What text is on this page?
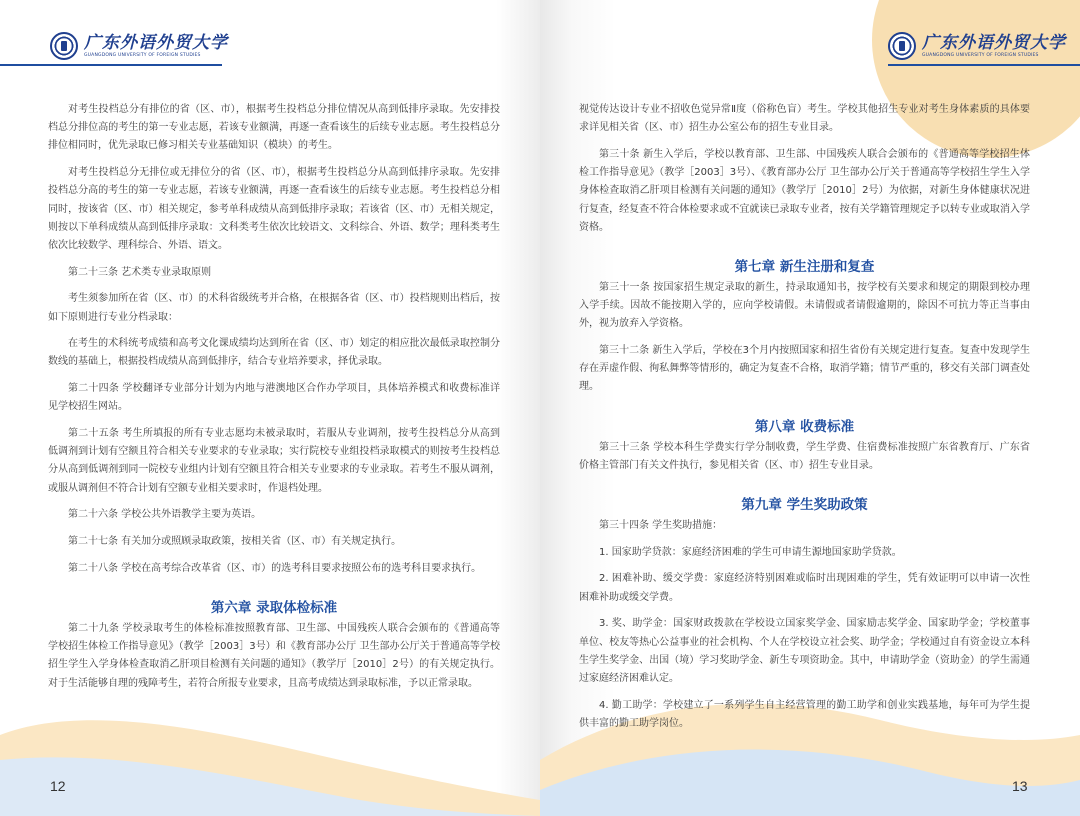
广东外语外贸大学
GUANGDONG UNIVERSITY OF FOREIGN STUDIES
广东外语外贸大学
GUANGDONG UNIVERSITY OF FOREIGN STUDIES

对考生投档总分有排位的省（区、市），根据考生投档总分排位情况从高到低排序录取。先安排投档总分排位高的考生的第一专业志愿，若该专业额满，再逐一查看该生的后续专业志愿。考生投档总分排位相同时，优先录取已修习相关专业基础知识（模块）的考生。

对考生投档总分无排位或无排位分的省（区、市），根据考生投档总分从高到低排序录取。先安排投档总分高的考生的第一专业志愿，若该专业额满，再逐一查看该生的后续专业志愿。考生投档总分相同时，按该省（区、市）相关规定，参考单科成绩从高到低排序录取；若该省（区、市）无相关规定，则按以下单科成绩从高到低排序录取：文科类考生依次比较语文、文科综合、外语、数学；理科类考生依次比较数学、理科综合、外语、语文。

第二十三条 艺术类专业录取原则

考生须参加所在省（区、市）的术科省级统考并合格，在根据各省（区、市）投档规则出档后，按如下原则进行专业分档录取：

在考生的术科统考成绩和高考文化课成绩均达到所在省（区、市）划定的相应批次最低录取控制分数线的基础上，根据投档成绩从高到低排序，结合专业培养要求，择优录取。

第二十四条 学校翻译专业部分计划为内地与港澳地区合作办学项目，具体培养模式和收费标准详见学校招生网站。

第二十五条 考生所填报的所有专业志愿均未被录取时，若服从专业调剂，按考生投档总分从高到低调剂到计划有空额且符合相关专业要求的专业录取；实行院校专业组投档录取模式的则按考生投档总分从高到低调剂到同一院校专业组内计划有空额且符合相关专业要求的专业录取。若考生不服从调剂，或服从调剂但不符合计划有空额专业相关要求时，作退档处理。

第二十六条 学校公共外语教学主要为英语。

第二十七条 有关加分或照顾录取政策，按相关省（区、市）有关规定执行。

第二十八条 学校在高考综合改革省（区、市）的选考科目要求按照公布的选考科目要求执行。

第六章 录取体检标准

第二十九条 学校录取考生的体检标准按照教育部、卫生部、中国残疾人联合会颁布的《普通高等学校招生体检工作指导意见》（教学［2003］3号）和《教育部办公厅 卫生部办公厅关于普通高等学校招生学生入学身体检查取消乙肝项目检测有关问题的通知》（教学厅［2010］2号）的有关规定执行。对于生活能够自理的残障考生，若符合所报专业要求，且高考成绩达到录取标准，予以正常录取。

视觉传达设计专业不招收色觉异常Ⅱ度（俗称色盲）考生。学校其他招生专业对考生身体素质的具体要求详见相关省（区、市）招生办公室公布的招生专业目录。

第三十条 新生入学后，学校以教育部、卫生部、中国残疾人联合会颁布的《普通高等学校招生体检工作指导意见》（教学［2003］3号）、《教育部办公厅 卫生部办公厅关于普通高等学校招生学生入学身体检查取消乙肝项目检测有关问题的通知》（教学厅［2010］2号）为依据，对新生身体健康状况进行复查，经复查不符合体检要求或不宜就读已录取专业者，按有关学籍管理规定予以转专业或取消入学资格。

第七章 新生注册和复查

第三十一条 按国家招生规定录取的新生，持录取通知书，按学校有关要求和规定的期限到校办理入学手续。因故不能按期入学的，应向学校请假。未请假或者请假逾期的，除因不可抗力等正当事由外，视为放弃入学资格。

第三十二条 新生入学后，学校在3个月内按照国家和招生省份有关规定进行复查。复查中发现学生存在弄虚作假、徇私舞弊等情形的，确定为复查不合格，取消学籍；情节严重的，移交有关部门调查处理。

第八章 收费标准

第三十三条 学校本科生学费实行学分制收费，学生学费、住宿费标准按照广东省教育厅、广东省价格主管部门有关文件执行，参见相关省（区、市）招生专业目录。

第九章 学生奖助政策

第三十四条 学生奖助措施：

1. 国家助学贷款：家庭经济困难的学生可申请生源地国家助学贷款。

2. 困难补助、缓交学费：家庭经济特别困难或临时出现困难的学生，凭有效证明可以申请一次性困难补助或缓交学费。

3. 奖、助学金：国家财政拨款在学校设立国家奖学金、国家励志奖学金、国家助学金；学校董事单位、校友等热心公益事业的社会机构、个人在学校设立社会奖、助学金；学校通过自有资金设立本科生学生奖学金、出国（境）学习奖助学金、新生专项资助金。其中，申请助学金（资助金）的学生需通过家庭经济困难认定。

4. 勤工助学：学校建立了一系列学生自主经营管理的勤工助学和创业实践基地，每年可为学生提供丰富的勤工助学岗位。

12	13
